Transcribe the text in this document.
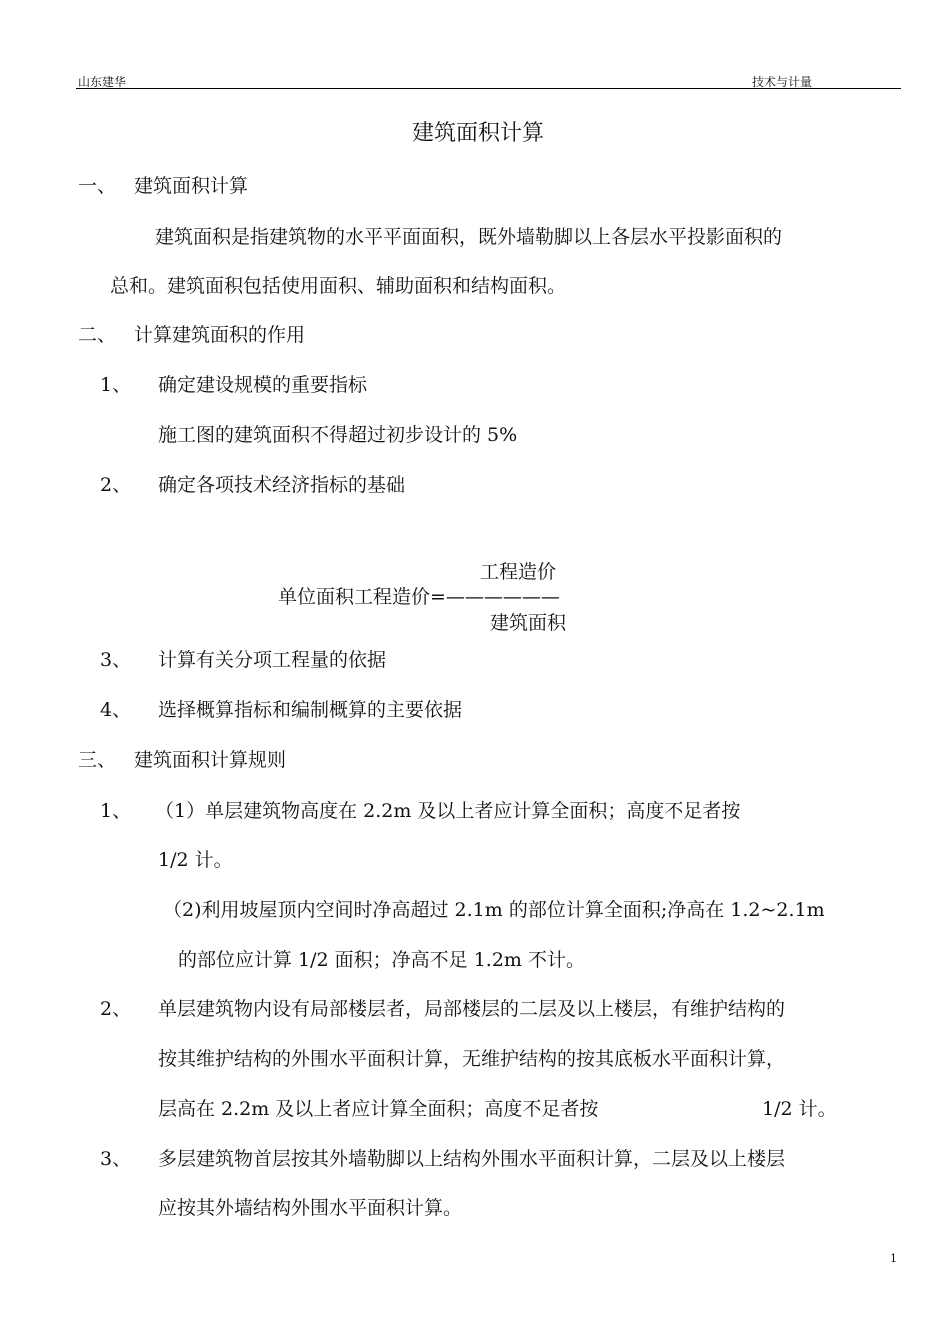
山东建华	技术与计量
建筑面积计算
一、 建筑面积计算
建筑面积是指建筑物的水平平面面积，既外墙勒脚以上各层水平投影面积的
总和。建筑面积包括使用面积、辅助面积和结构面积。
二、 计算建筑面积的作用
1、 确定建设规模的重要指标
施工图的建筑面积不得超过初步设计的 5%
2、 确定各项技术经济指标的基础
工程造价
单位面积工程造价=——————
建筑面积
3、 计算有关分项工程量的依据
4、 选择概算指标和编制概算的主要依据
三、 建筑面积计算规则
1、 （1）单层建筑物高度在 2.2m 及以上者应计算全面积；高度不足者按
1/2 计。
（2)利用坡屋顶内空间时净高超过 2.1m 的部位计算全面积;净高在 1.2~2.1m
的部位应计算 1/2 面积；净高不足 1.2m 不计。
2、 单层建筑物内设有局部楼层者，局部楼层的二层及以上楼层，有维护结构的
按其维护结构的外围水平面积计算，无维护结构的按其底板水平面积计算，
层高在 2.2m 及以上者应计算全面积；高度不足者按	1/2 计。
3、 多层建筑物首层按其外墙勒脚以上结构外围水平面积计算，二层及以上楼层
应按其外墙结构外围水平面积计算。
1
